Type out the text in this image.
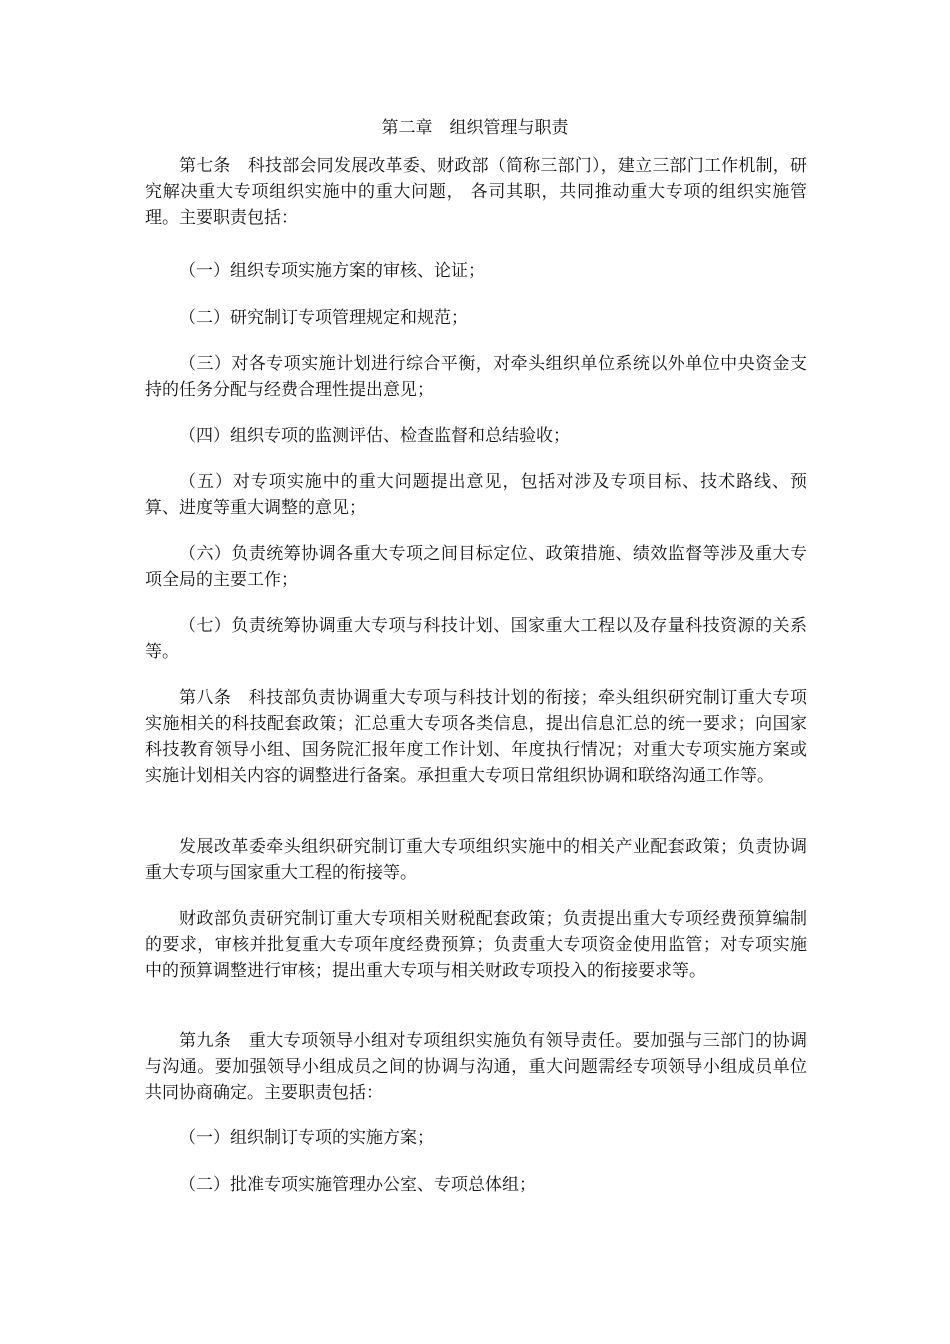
第二章　组织管理与职责

第七条　科技部会同发展改革委、财政部（简称三部门），建立三部门工作机制，研究解决重大专项组织实施中的重大问题， 各司其职，共同推动重大专项的组织实施管理。主要职责包括：

（一）组织专项实施方案的审核、论证；

（二）研究制订专项管理规定和规范；

（三）对各专项实施计划进行综合平衡，对牵头组织单位系统以外单位中央资金支持的任务分配与经费合理性提出意见；

（四）组织专项的监测评估、检查监督和总结验收；

（五）对专项实施中的重大问题提出意见，包括对涉及专项目标、技术路线、预算、进度等重大调整的意见；

（六）负责统筹协调各重大专项之间目标定位、政策措施、绩效监督等涉及重大专项全局的主要工作；

（七）负责统筹协调重大专项与科技计划、国家重大工程以及存量科技资源的关系等。

第八条　科技部负责协调重大专项与科技计划的衔接；牵头组织研究制订重大专项实施相关的科技配套政策；汇总重大专项各类信息，提出信息汇总的统一要求；向国家科技教育领导小组、国务院汇报年度工作计划、年度执行情况；对重大专项实施方案或实施计划相关内容的调整进行备案。承担重大专项日常组织协调和联络沟通工作等。

发展改革委牵头组织研究制订重大专项组织实施中的相关产业配套政策；负责协调重大专项与国家重大工程的衔接等。

财政部负责研究制订重大专项相关财税配套政策；负责提出重大专项经费预算编制的要求，审核并批复重大专项年度经费预算；负责重大专项资金使用监管；对专项实施中的预算调整进行审核；提出重大专项与相关财政专项投入的衔接要求等。

第九条　重大专项领导小组对专项组织实施负有领导责任。要加强与三部门的协调与沟通。要加强领导小组成员之间的协调与沟通，重大问题需经专项领导小组成员单位共同协商确定。主要职责包括：

（一）组织制订专项的实施方案；

（二）批准专项实施管理办公室、专项总体组；
